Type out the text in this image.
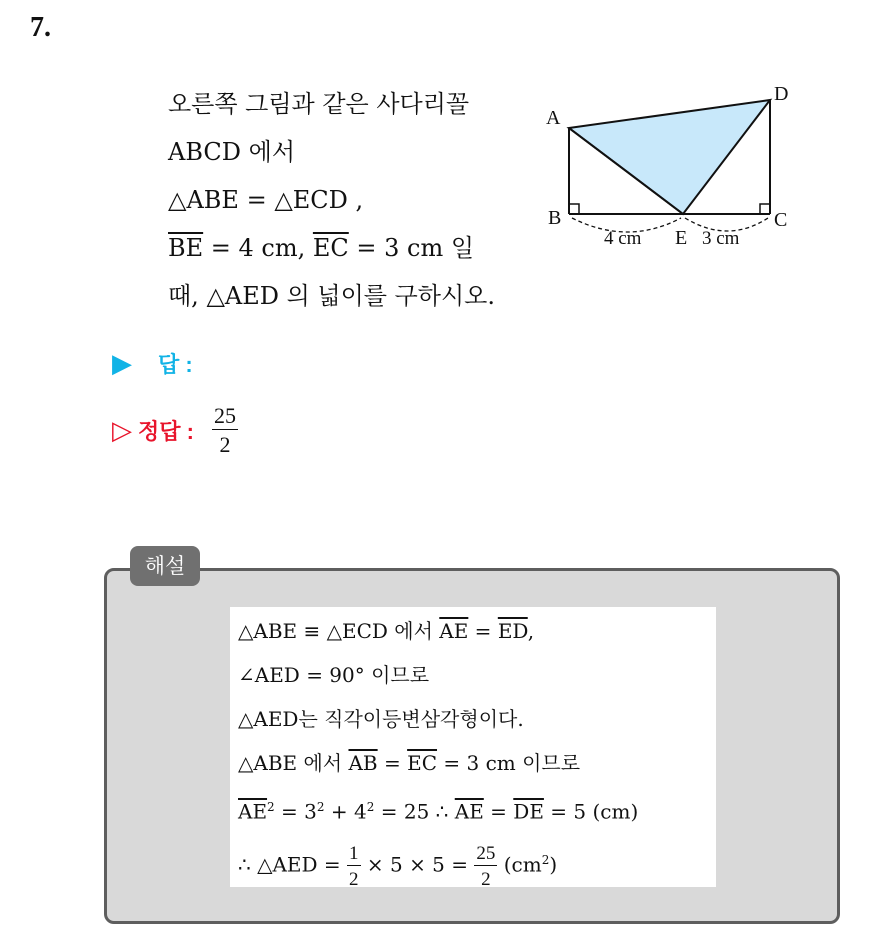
7.
오른쪽 그림과 같은 사다리꼴
ABCD 에서
△ABE = △ECD ,
$\overline{BE} = 4$ cm, $\overline{EC} = 3$ cm 일
때, △AED 의 넓이를 구하시오.
A
B	C
D
E
4 cm	3 cm
▶ 답 :
▷ 정답 : $\frac{25}{2}$
해설
△ABE ≡ △ECD 에서 $\overline{AE} = \overline{ED}$,
∠AED = 90° 이므로
△AED는 직각이등변삼각형이다.
△ABE 에서 $\overline{AB} = \overline{EC} = 3$ cm 이므로
$\overline{AE}^2 = 3^2 + 4^2 = 25$ ∴ $\overline{AE} = \overline{DE} = 5$ (cm)
∴ △AED = $\frac{1}{2} \times 5 \times 5 = \frac{25}{2} (cm^2)$
